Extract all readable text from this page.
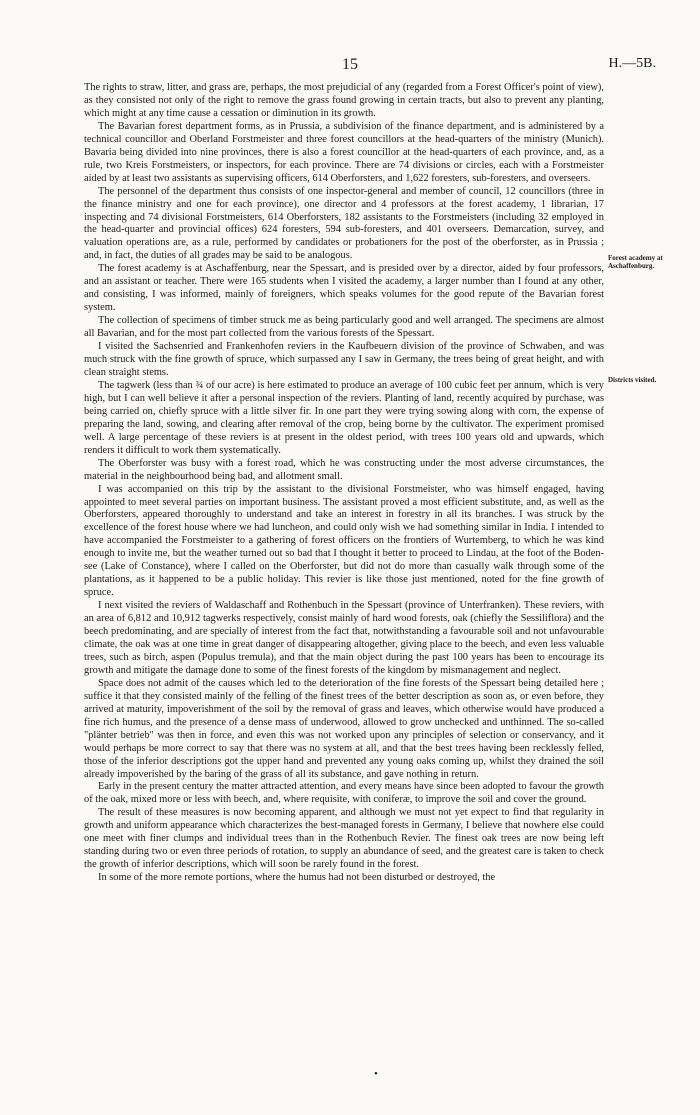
15	H.—5B.

The rights to straw, litter, and grass are, perhaps, the most prejudicial of any (regarded from a Forest Officer's point of view), as they consisted not only of the right to remove the grass found growing in certain tracts, but also to prevent any planting, which might at any time cause a cessation or diminution in its growth.

The Bavarian forest department forms, as in Prussia, a subdivision of the finance department, and is administered by a technical councillor and Oberland Forstmeister and three forest councillors at the head-quarters of the ministry (Munich). Bavaria being divided into nine provinces, there is also a forest councillor at the head-quarters of each province, and, as a rule, two Kreis Forstmeisters, or inspectors, for each province. There are 74 divisions or circles, each with a Forstmeister aided by at least two assistants as supervising officers, 614 Oberforsters, and 1,622 foresters, sub-foresters, and overseers.

The personnel of the department thus consists of one inspector-general and member of council, 12 councillors (three in the finance ministry and one for each province), one director and 4 professors at the forest academy, 1 librarian, 17 inspecting and 74 divisional Forstmeisters, 614 Oberforsters, 182 assistants to the Forstmeisters (including 32 employed in the head-quarter and provincial offices) 624 foresters, 594 sub-foresters, and 401 overseers. Demarcation, survey, and valuation operations are, as a rule, performed by candidates or probationers for the post of the oberforster, as in Prussia ; and, in fact, the duties of all grades may be said to be analogous.

The forest academy is at Aschaffenburg, near the Spessart, and is presided over by a director, aided by four professors, and an assistant or teacher. There were 165 students when I visited the academy, a larger number than I found at any other, and consisting, I was informed, mainly of foreigners, which speaks volumes for the good repute of the Bavarian forest system.

The collection of specimens of timber struck me as being particularly good and well arranged. The specimens are almost all Bavarian, and for the most part collected from the various forests of the Spessart.

I visited the Sachsenried and Frankenhofen reviers in the Kaufbeuern division of the province of Schwaben, and was much struck with the fine growth of spruce, which surpassed any I saw in Germany, the trees being of great height, and with clean straight stems.

The tagwerk (less than ¾ of our acre) is here estimated to produce an average of 100 cubic feet per annum, which is very high, but I can well believe it after a personal inspection of the reviers. Planting of land, recently acquired by purchase, was being carried on, chiefly spruce with a little silver fir. In one part they were trying sowing along with corn, the expense of preparing the land, sowing, and clearing after removal of the crop, being borne by the cultivator. The experiment promised well. A large percentage of these reviers is at present in the oldest period, with trees 100 years old and upwards, which renders it difficult to work them systematically.

The Oberforster was busy with a forest road, which he was constructing under the most adverse circumstances, the material in the neighbourhood being bad, and allotment small.

I was accompanied on this trip by the assistant to the divisional Forstmeister, who was himself engaged, having appointed to meet several parties on important business. The assistant proved a most efficient substitute, and, as well as the Oberforsters, appeared thoroughly to understand and take an interest in forestry in all its branches. I was struck by the excellence of the forest house where we had luncheon, and could only wish we had something similar in India. I intended to have accompanied the Forstmeister to a gathering of forest officers on the frontiers of Wurtemberg, to which he was kind enough to invite me, but the weather turned out so bad that I thought it better to proceed to Lindau, at the foot of the Boden-see (Lake of Constance), where I called on the Oberforster, but did not do more than casually walk through some of the plantations, as it happened to be a public holiday. This revier is like those just mentioned, noted for the fine growth of spruce.

I next visited the reviers of Waldaschaff and Rothenbuch in the Spessart (province of Unterfranken). These reviers, with an area of 6,812 and 10,912 tagwerks respectively, consist mainly of hard wood forests, oak (chiefly the Sessiliflora) and the beech predominating, and are specially of interest from the fact that, notwithstanding a favourable soil and not unfavourable climate, the oak was at one time in great danger of disappearing altogether, giving place to the beech, and even less valuable trees, such as birch, aspen (Populus tremula), and that the main object during the past 100 years has been to encourage its growth and mitigate the damage done to some of the finest forests of the kingdom by mismanagement and neglect.

Space does not admit of the causes which led to the deterioration of the fine forests of the Spessart being detailed here ; suffice it that they consisted mainly of the felling of the finest trees of the better description as soon as, or even before, they arrived at maturity, impoverishment of the soil by the removal of grass and leaves, which otherwise would have produced a fine rich humus, and the presence of a dense mass of underwood, allowed to grow unchecked and unthinned. The so-called "plänter betrieb" was then in force, and even this was not worked upon any principles of selection or conservancy, and it would perhaps be more correct to say that there was no system at all, and that the best trees having been recklessly felled, those of the inferior descriptions got the upper hand and prevented any young oaks coming up, whilst they drained the soil already impoverished by the baring of the grass of all its substance, and gave nothing in return.

Early in the present century the matter attracted attention, and every means have since been adopted to favour the growth of the oak, mixed more or less with beech, and, where requisite, with coniferæ, to improve the soil and cover the ground.

The result of these measures is now becoming apparent, and although we must not yet expect to find that regularity in growth and uniform appearance which characterizes the best-managed forests in Germany, I believe that nowhere else could one meet with finer clumps and individual trees than in the Rothenbuch Revier. The finest oak trees are now being left standing during two or even three periods of rotation, to supply an abundance of seed, and the greatest care is taken to check the growth of inferior descriptions, which will soon be rarely found in the forest.

In some of the more remote portions, where the humus had not been disturbed or destroyed, the

Forest academy at Aschaffenburg.
Districts visited.
•
